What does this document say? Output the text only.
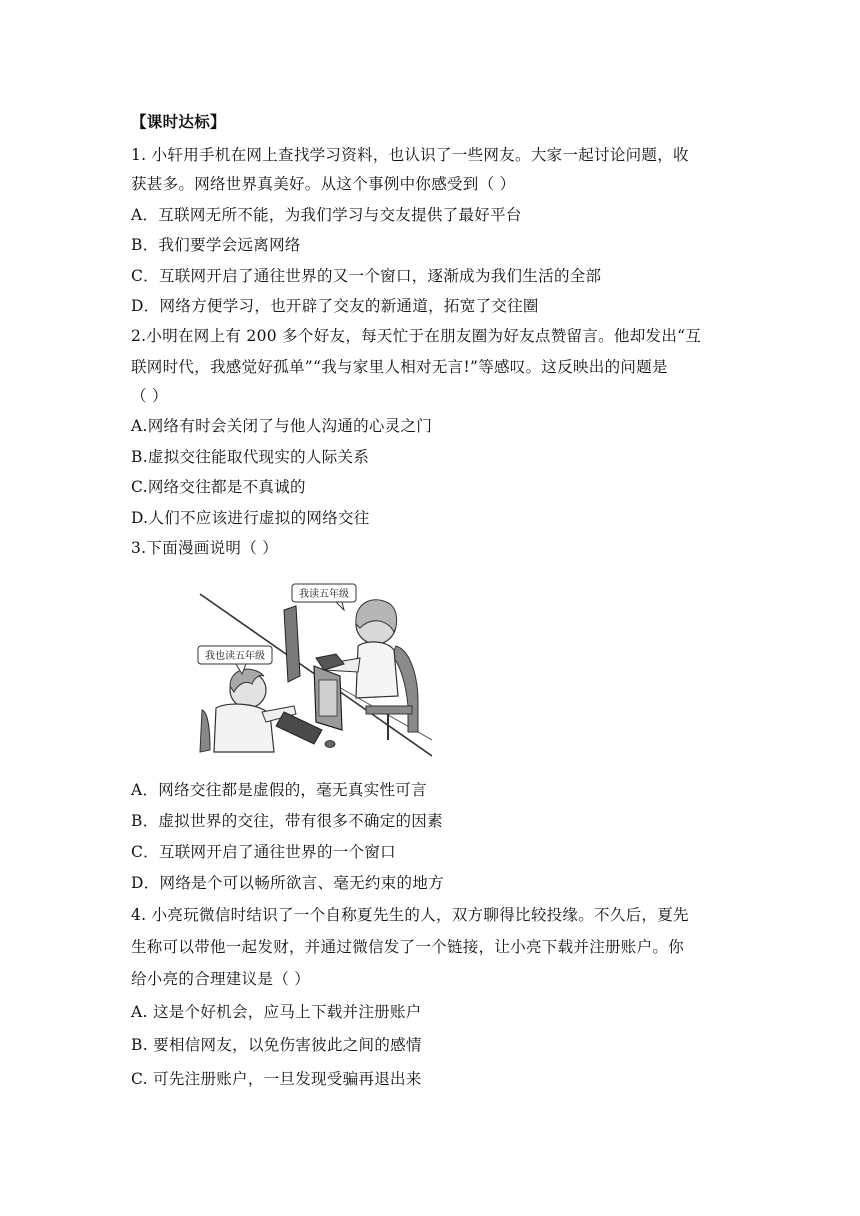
【课时达标】
1. 小轩用手机在网上查找学习资料，也认识了一些网友。大家一起讨论问题，收
获甚多。网络世界真美好。从这个事例中你感受到（ ）
A．互联网无所不能，为我们学习与交友提供了最好平台
B．我们要学会远离网络
C．互联网开启了通往世界的又一个窗口，逐渐成为我们生活的全部
D．网络方便学习，也开辟了交友的新通道，拓宽了交往圈
2.小明在网上有 200 多个好友，每天忙于在朋友圈为好友点赞留言。他却发出“互
联网时代，我感觉好孤单”“我与家里人相对无言!”等感叹。这反映出的问题是
（ ）
A.网络有时会关闭了与他人沟通的心灵之门
B.虚拟交往能取代现实的人际关系
C.网络交往都是不真诚的
D.人们不应该进行虚拟的网络交往
3.下面漫画说明（ ）
我读五年级
我也读五年级
A．网络交往都是虚假的，毫无真实性可言
B．虚拟世界的交往，带有很多不确定的因素
C．互联网开启了通往世界的一个窗口
D．网络是个可以畅所欲言、毫无约束的地方
4. 小亮玩微信时结识了一个自称夏先生的人，双方聊得比较投缘。不久后，夏先
生称可以带他一起发财，并通过微信发了一个链接，让小亮下载并注册账户。你
给小亮的合理建议是（ ）
A. 这是个好机会，应马上下载并注册账户
B. 要相信网友，以免伤害彼此之间的感情
C. 可先注册账户，一旦发现受骗再退出来
